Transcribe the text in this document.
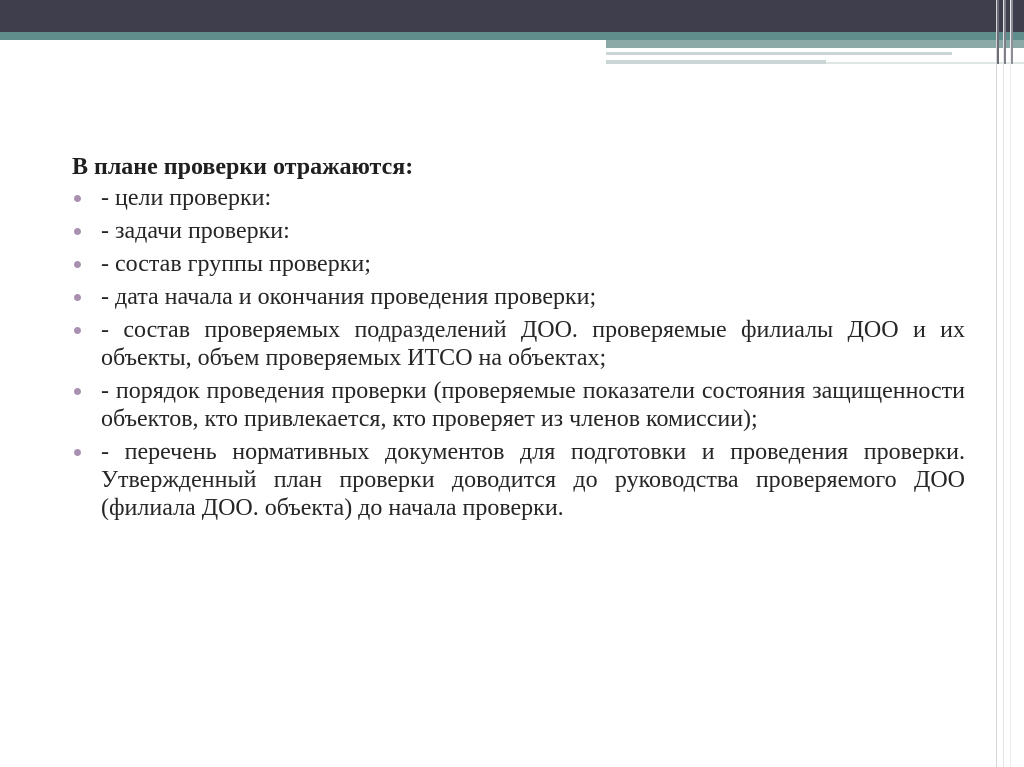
В плане проверки отражаются:
- цели проверки:
- задачи проверки:
- состав группы проверки;
- дата начала и окончания проведения проверки;
- состав проверяемых подразделений ДОО. проверяемые филиалы ДОО и их объекты, объем проверяемых ИТСО на объектах;
- порядок проведения проверки (проверяемые показатели состояния защищенности объектов, кто привлекается, кто проверяет из членов комиссии);
- перечень нормативных документов для подготовки и проведения проверки. Утвержденный план проверки доводится до руководства проверяемого ДОО (филиала ДОО. объекта) до начала проверки.
